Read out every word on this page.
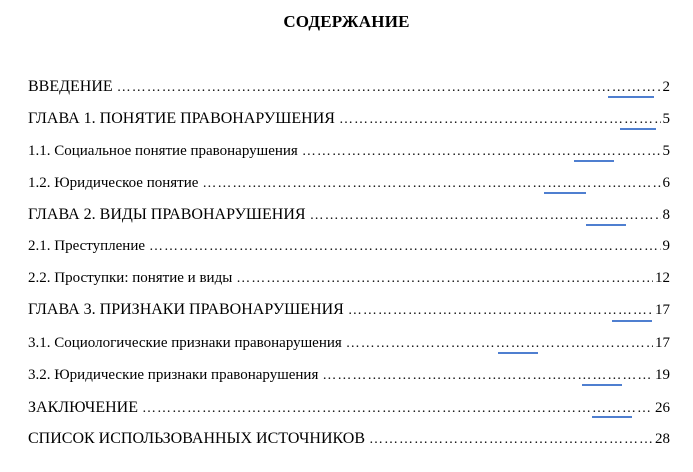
СОДЕРЖАНИЕ
ВВЕДЕНИЕ ……………………………………………………………………………………………………………………………………………………………………………………	2
ГЛАВА 1. ПОНЯТИЕ ПРАВОНАРУШЕНИЯ ……………………………………………………………………………………………………………………………………………………………………………………	5
1.1. Социальное понятие правонарушения ……………………………………………………………………………………………………………………………………………………………………………………	5
1.2. Юридическое понятие ……………………………………………………………………………………………………………………………………………………………………………………	6
ГЛАВА 2. ВИДЫ ПРАВОНАРУШЕНИЯ ……………………………………………………………………………………………………………………………………………………………………………………	8
2.1. Преступление ……………………………………………………………………………………………………………………………………………………………………………………	9
2.2. Проступки: понятие и виды ……………………………………………………………………………………………………………………………………………………………………………………	12
ГЛАВА 3. ПРИЗНАКИ ПРАВОНАРУШЕНИЯ ……………………………………………………………………………………………………………………………………………………………………………………	17
3.1. Социологические признаки правонарушения ……………………………………………………………………………………………………………………………………………………………………………………	17
3.2. Юридические признаки правонарушения ……………………………………………………………………………………………………………………………………………………………………………………	19
ЗАКЛЮЧЕНИЕ ……………………………………………………………………………………………………………………………………………………………………………………	26
СПИСОК ИСПОЛЬЗОВАННЫХ ИСТОЧНИКОВ ……………………………………………………………………………………………………………………………………………………………………………………	28
